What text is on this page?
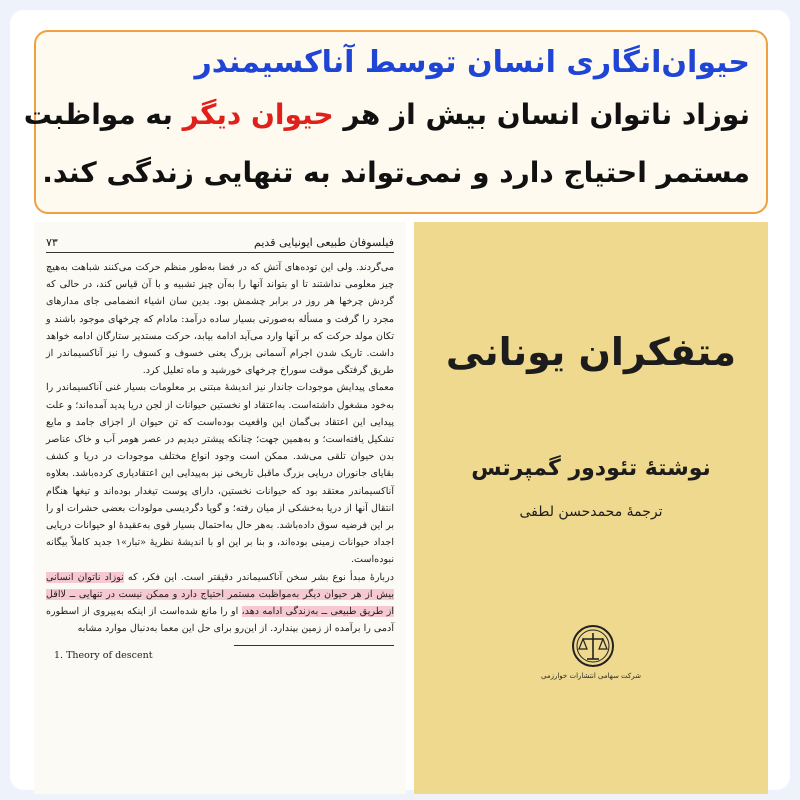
حیوان‌انگاری انسان توسط آناکسیمندر
نوزاد ناتوان انسان بیش از هر حیوان دیگر به مواظبت
مستمر احتیاج دارد و نمی‌تواند به تنهایی زندگی کند.
فیلسوفان طبیعی ایونیایی قدیم
۷۳

می‌گردند. ولی این توده‌های آتش که در فضا به‌طور منظم حرکت می‌کنند شباهت به‌هیچ چیز معلومی نداشتند تا او بتواند آنها را به‌آن چیز تشبیه و با آن قیاس کند، در حالی که گردش چرخها هر روز در برابر چشمش بود. بدین سان اشیاء انضمامی جای مدارهای مجرد را گرفت و مسأله به‌صورتی بسیار ساده درآمد: مادام که چرخهای موجود باشند و تکان مولد حرکت که بر آنها وارد می‌آید ادامه بیابد، حرکت مستدیر ستارگان ادامه خواهد داشت. تاریک شدن اجرام آسمانی بزرگ یعنی خسوف و کسوف را نیز آناکسیماندر از طریق گرفتگی موقت سوراخ چرخهای خورشید و ماه تعلیل کرد.

معمای پیدایش موجودات جاندار نیز اندیشهٔ مبتنی بر معلومات بسیار غنی آناکسیماندر را به‌خود مشغول داشته‌است. به‌اعتقاد او نخستین حیوانات از لجن دریا پدید آمده‌اند؛ و علت پیدایی این اعتقاد بی‌گمان این واقعیت بوده‌است که تن حیوان از اجزای جامد و مایع تشکیل یافته‌است؛ و به‌همین جهت؛ چنانکه پیشتر دیدیم در عصر هومر آب و خاک عناصر بدن حیوان تلقی می‌شد. ممکن است وجود انواع مختلف موجودات در دریا و کشف بقایای جانوران دریایی بزرگ ماقبل تاریخی نیز به‌پیدایی این اعتقادیاری کرده‌باشد. بعلاوه آناکسیماندر معتقد بود که حیوانات نخستین، دارای پوست تیغدار بوده‌اند و تیغها هنگام انتقال آنها از دریا به‌خشکی از میان رفته؛ و گویا دگردیسی مولودات بعضی حشرات او را بر این فرضیه سوق داده‌باشد. به‌هر حال به‌احتمال بسیار قوی به‌عقیدهٔ او حیوانات دریایی اجداد حیوانات زمینی بوده‌اند، و بنا بر این او با اندیشهٔ نظریهٔ «تبار»۱ جدید کاملاً بیگانه نبوده‌است.

دربارهٔ مبدأ نوع بشر سخن آناکسیماندر دقیقتر است. این فکر، که نوزاد ناتوان انسانی بیش از هر حیوان دیگر به‌مواظبت مستمر احتیاج دارد و ممکن نیست در تنهایی ــ لااقل از طریق طبیعی ــ به‌زندگی ادامه دهد، او را مانع شده‌است از اینکه به‌پیروی از اسطوره آدمی را برآمده از زمین بپندارد. از این‌رو برای حل این معما به‌دنبال موارد مشابه

1. Theory of descent
متفکران یونانی
نوشتهٔ تئودور گمپرتس
ترجمهٔ محمدحسن لطفی
شرکت سهامی انتشارات خوارزمی
